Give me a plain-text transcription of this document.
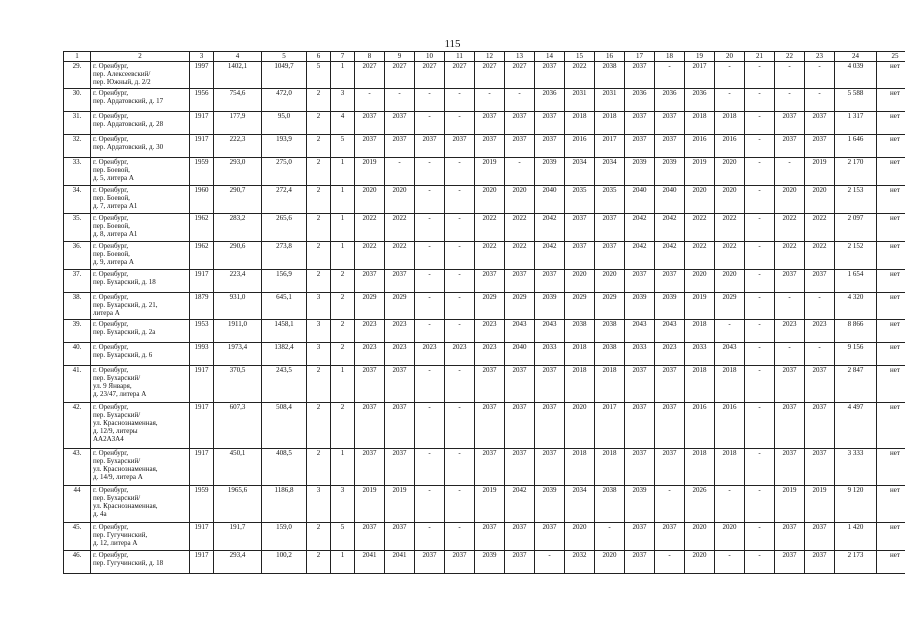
115
1	2	3	4	5	6	7	8	9	10	11	12	13	14	15	16	17	18	19	20	21	22	23	24	25
29.	г. Оренбург,
пер. Алексеевский/
пер. Южный, д. 2/2	1997	1402,1	1049,7	5	1	2027	2027	2027	2027	2027	2027	2037	2022	2038	2037	-	2017	-	-	-	-	4 039	нет
30.	г. Оренбург,
пер. Ардатовский, д. 17	1956	754,6	472,0	2	3	-	-	-	-	-	-	2036	2031	2031	2036	2036	2036	-	-	-	-	5 588	нет
31.	г. Оренбург,
пер. Ардатовский, д. 28	1917	177,9	95,0	2	4	2037	2037	-	-	2037	2037	2037	2018	2018	2037	2037	2018	2018	-	2037	2037	1 317	нет
32.	г. Оренбург,
пер. Ардатовский, д. 30	1917	222,3	193,9	2	5	2037	2037	2037	2037	2037	2037	2037	2016	2017	2037	2037	2016	2016	-	2037	2037	1 646	нет
33.	г. Оренбург,
пер. Боевой,
д. 5, литера А	1959	293,0	275,0	2	1	2019	-	-	-	2019	-	2039	2034	2034	2039	2039	2019	2020	-	-	2019	2 170	нет
34.	г. Оренбург,
пер. Боевой,
д. 7, литера А1	1960	290,7	272,4	2	1	2020	2020	-	-	2020	2020	2040	2035	2035	2040	2040	2020	2020	-	2020	2020	2 153	нет
35.	г. Оренбург,
пер. Боевой,
д. 8, литера А1	1962	283,2	265,6	2	1	2022	2022	-	-	2022	2022	2042	2037	2037	2042	2042	2022	2022	-	2022	2022	2 097	нет
36.	г. Оренбург,
пер. Боевой,
д. 9, литера А	1962	290,6	273,8	2	1	2022	2022	-	-	2022	2022	2042	2037	2037	2042	2042	2022	2022	-	2022	2022	2 152	нет
37.	г. Оренбург,
пер. Бухарский, д. 18	1917	223,4	156,9	2	2	2037	2037	-	-	2037	2037	2037	2020	2020	2037	2037	2020	2020	-	2037	2037	1 654	нет
38.	г. Оренбург,
пер. Бухарский, д. 21,
литера А	1879	931,0	645,1	3	2	2029	2029	-	-	2029	2029	2039	2029	2029	2039	2039	2019	2029	-	-	-	4 320	нет
39.	г. Оренбург,
пер. Бухарский, д. 2а	1953	1911,0	1458,1	3	2	2023	2023	-	-	2023	2043	2043	2038	2038	2043	2043	2018	-	-	2023	2023	8 866	нет
40.	г. Оренбург,
пер. Бухарский, д. 6	1993	1973,4	1382,4	3	2	2023	2023	2023	2023	2023	2040	2033	2018	2038	2033	2023	2033	2043	-	-	-	9 156	нет
41.	г. Оренбург,
пер. Бухарский/
ул. 9 Января,
д. 23/47, литера А	1917	370,5	243,5	2	1	2037	2037	-	-	2037	2037	2037	2018	2018	2037	2037	2018	2018	-	2037	2037	2 847	нет
42.	г. Оренбург,
пер. Бухарский/
ул. Краснознаменная,
д. 12/9, литеры
АА2А3А4	1917	607,3	508,4	2	2	2037	2037	-	-	2037	2037	2037	2020	2017	2037	2037	2016	2016	-	2037	2037	4 497	нет
43.	г. Оренбург,
пер. Бухарский/
ул. Краснознаменная,
д. 14/9, литера А	1917	450,1	408,5	2	1	2037	2037	-	-	2037	2037	2037	2018	2018	2037	2037	2018	2018	-	2037	2037	3 333	нет
44	г. Оренбург,
пер. Бухарский/
ул. Краснознаменная,
д. 4а	1959	1965,6	1186,8	3	3	2019	2019	-	-	2019	2042	2039	2034	2038	2039	-	2026	-	-	2019	2019	9 120	нет
45.	г. Оренбург,
пер. Гугучинский,
д. 12, литера А	1917	191,7	159,0	2	5	2037	2037	-	-	2037	2037	2037	2020	-	2037	2037	2020	2020	-	2037	2037	1 420	нет
46.	г. Оренбург,
пер. Гугучинский, д. 18	1917	293,4	100,2	2	1	2041	2041	2037	2037	2039	2037	-	2032	2020	2037	-	2020	-	-	2037	2037	2 173	нет
